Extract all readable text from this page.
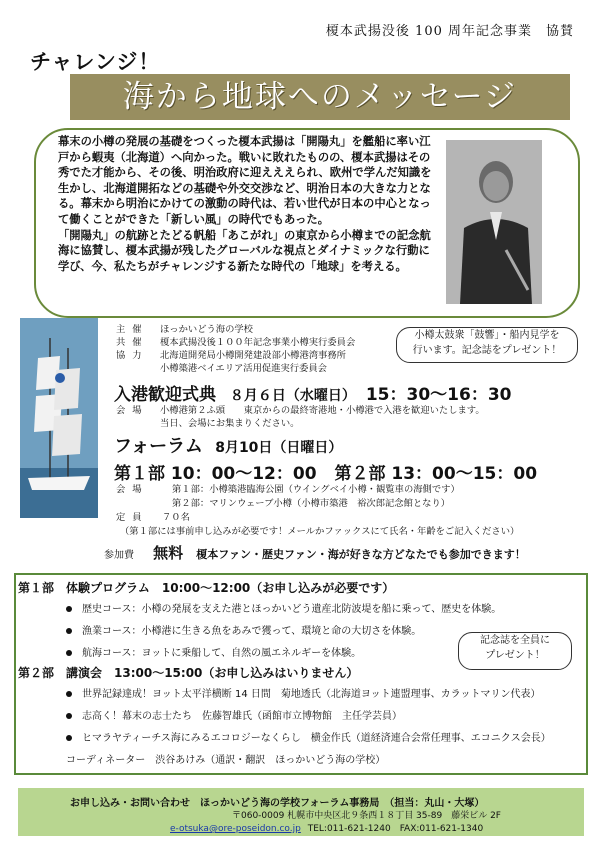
榎本武揚没後 100 周年記念事業　協賛
チャレンジ！
海から地球へのメッセージ

幕末の小樽の発展の基礎をつくった榎本武揚は「開陽丸」を艦船に率い江戸から蝦夷（北海道）へ向かった。戦いに敗れたものの、榎本武揚はその秀でた才能から、その後、明治政府に迎えええられ、欧州で学んだ知識を生かし、北海道開拓などの基礎や外交交渉など、明治日本の大きな力となる。幕末から明治にかけての激動の時代は、若い世代が日本の中心となって働くことができた「新しい風」の時代でもあった。

「開陽丸」の航跡とたどる帆船「あこがれ」の東京から小樽までの記念航海に協賛し、榎本武揚が残したグローバルな視点とダイナミックな行動に学び、今、私たちがチャレンジする新たな時代の「地球」を考える。

主催 ほっかいどう海の学校
共催 榎本武揚没後１００年記念事業小樽実行委員会
協力 北海道開発局小樽開発建設部小樽港湾事務所
小樽築港ベイエリア活用促進実行委員会
小樽太鼓衆「鼓響」・船内見学を
行います。記念誌をプレゼント！
入港歓迎式典 ８月６日（水曜日） 15：30～16：30
会場 小樽港第２ふ頭　　東京からの最終寄港地・小樽港で入港を歓迎いたします。
当日、会場にお集まりください。
フォーラム 8月10日（日曜日）
第１部 10：00～12：00 第２部 13：00～15：00
会場	第１部：小樽築港臨海公園（ウイングベイ小樽・観覧車の海側です）
第２部：マリンウェーブ小樽（小樽市築港　裕次郎記念館となり）
定員 ７０名
（第１部には事前申し込みが必要です！メールかファックスにて氏名・年齢をご記入ください）
参加費 無料 榎本ファン・歴史ファン・海が好きな方どなたでも参加できます！
第１部　体験プログラム　10:00～12:00（お申し込みが必要です）
歴史コース：小樽の発展を支えた港とほっかいどう遺産北防波堤を船に乗って、歴史を体験。
漁業コース：小樽港に生きる魚をあみで獲って、環境と命の大切さを体験。
航海コース：ヨットに乗船して、自然の風エネルギーを体験。
記念誌を全員に
プレゼント！
第２部　講演会　13:00～15:00（お申し込みはいりません）
世界記録達成！ヨット太平洋横断 14 日間　菊地透氏（北海道ヨット連盟理事、カラットマリン代表）
志高く！幕末の志士たち　佐藤智雄氏（函館市立博物館　主任学芸員）
ヒマラヤティーチス海にみるエコロジーなくらし　横金作氏（道経済連合会常任理事、エコニクス会長）
コーディネーター　渋谷あけみ（通訳・翻訳　ほっかいどう海の学校）
お申し込み・お問い合わせ　ほっかいどう海の学校フォーラム事務局　（担当：丸山・大塚）
〒060-0009 札幌市中央区北９条西１８丁目 35-89　藤栄ビル 2F
e-otsuka@ore-poseidon.co.jp TEL:011-621-1240　FAX:011-621-1340
